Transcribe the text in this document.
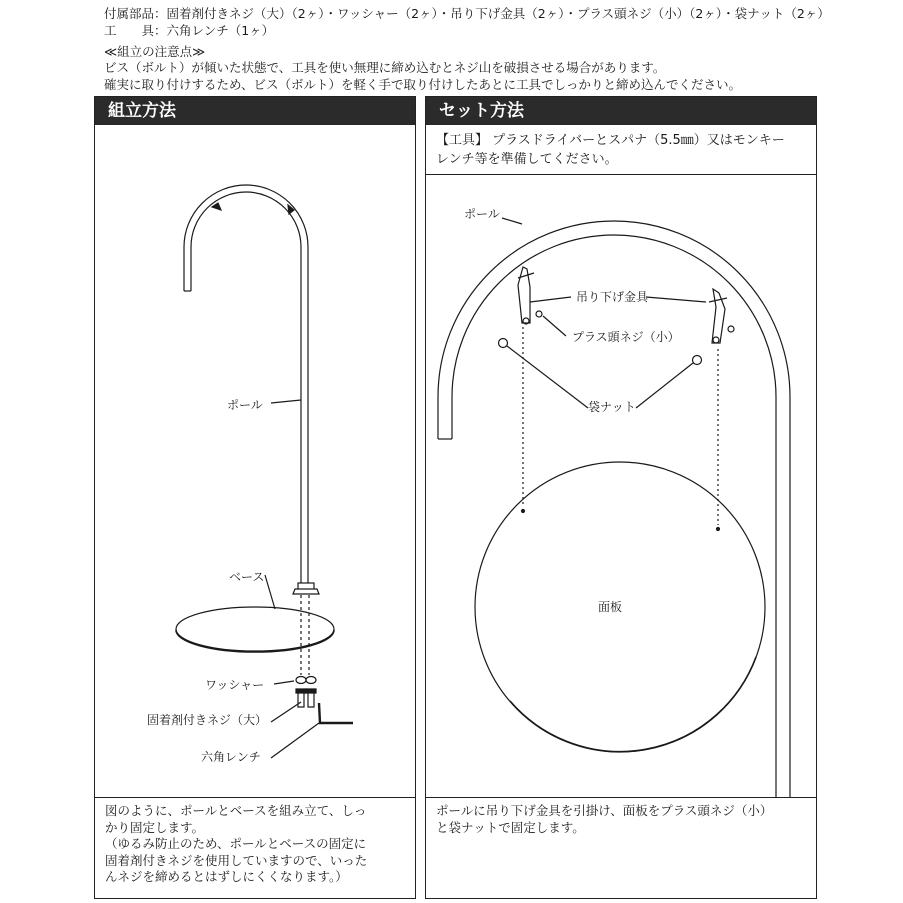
付属部品：固着剤付きネジ（大）（2ヶ）・ワッシャー（2ヶ）・吊り下げ金具（2ヶ）・プラス頭ネジ（小）（2ヶ）・袋ナット（2ヶ）
工　　具：六角レンチ（1ヶ）
≪組立の注意点≫
ビス（ボルト）が傾いた状態で、工具を使い無理に締め込むとネジ山を破損させる場合があります。
確実に取り付けするため、ビス（ボルト）を軽く手で取り付けしたあとに工具でしっかりと締め込んでください。
組立方法
ポール
ベース
ワッシャー
固着剤付きネジ（大）
六角レンチ
図のように、ポールとベースを組み立て、しっ
かり固定します。
（ゆるみ防止のため、ポールとベースの固定に
固着剤付きネジを使用していますので、いった
んネジを締めるとはずしにくくなります。）
セット方法
【工具】 プラスドライバーとスパナ（5.5㎜）又はモンキー
レンチ等を準備してください。
ポール
吊り下げ金具
プラス頭ネジ（小）
袋ナット
面板
ポールに吊り下げ金具を引掛け、面板をプラス頭ネジ（小）
と袋ナットで固定します。
